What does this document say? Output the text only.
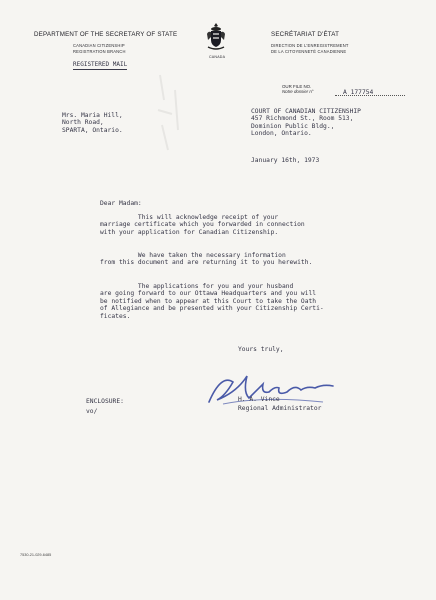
DEPARTMENT OF THE SECRETARY OF STATE
CANADIAN CITIZENSHIP
REGISTRATION BRANCH
CANADA
SECRÉTARIAT D'ÉTAT
DIRECTION DE L'ENREGISTREMENT
DE LA CITOYENNETÉ CANADIENNE
REGISTERED MAIL
OUR FILE NO.
Notre dossier n°	A 177754
Mrs. Maria Hill,
North Road,
SPARTA, Ontario.
COURT OF CANADIAN CITIZENSHIP
457 Richmond St., Room 513,
Dominion Public Bldg.,
London, Ontario.
January 16th, 1973
Dear Madam:
This will acknowledge receipt of your
marriage certificate which you forwarded in connection
with your application for Canadian Citizenship.
We have taken the necessary information
from this document and are returning it to you herewith.
The applications for you and your husband
are going forward to our Ottawa Headquarters and you will
be notified when to appear at this Court to take the Oath
of Allegiance and be presented with your Citizenship Certi-
ficates.
Yours truly,
H. A. Vince
Regional Administrator
ENCLOSURE:
vo/
7530-21-029-6485
